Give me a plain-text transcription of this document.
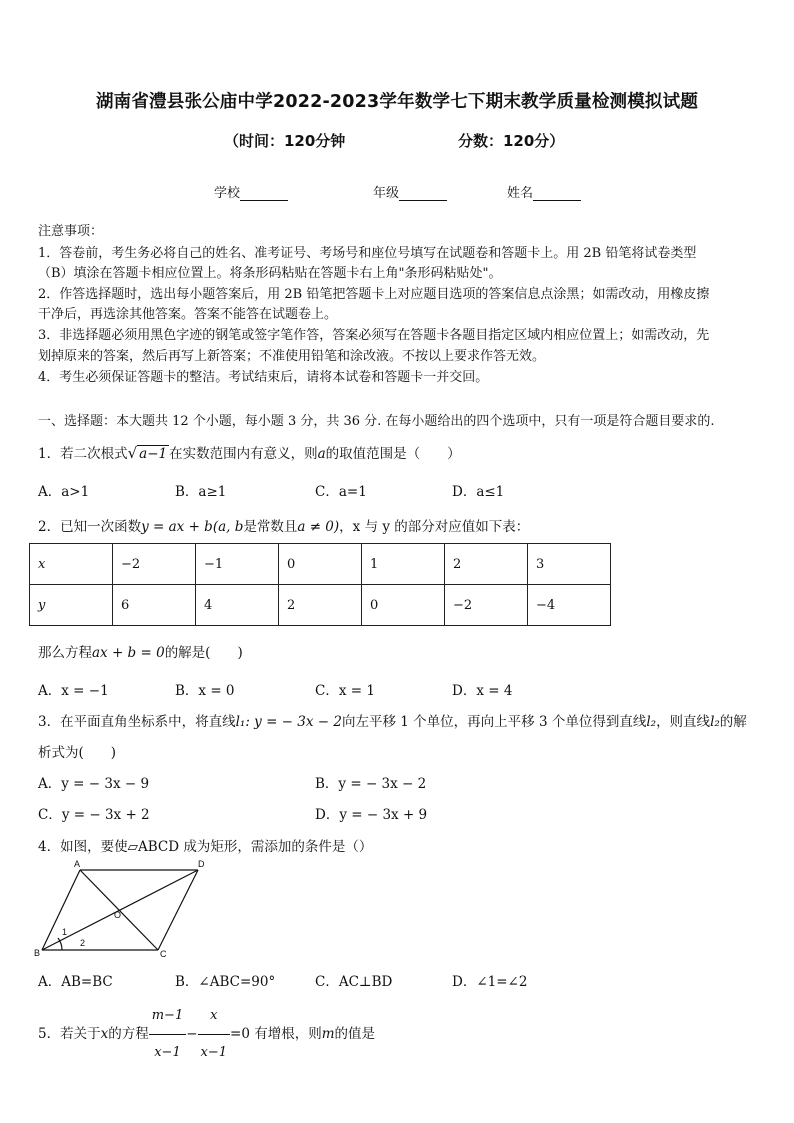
湖南省澧县张公庙中学2022-2023学年数学七下期末教学质量检测模拟试题
（时间：120分钟	分数：120分）
学校	年级	姓名
注意事项：
1．答卷前，考生务必将自己的姓名、准考证号、考场号和座位号填写在试题卷和答题卡上。用 2B 铅笔将试卷类型
（B）填涂在答题卡相应位置上。将条形码粘贴在答题卡右上角"条形码粘贴处"。
2．作答选择题时，选出每小题答案后，用 2B 铅笔把答题卡上对应题目选项的答案信息点涂黑；如需改动，用橡皮擦
干净后，再选涂其他答案。答案不能答在试题卷上。
3．非选择题必须用黑色字迹的钢笔或签字笔作答，答案必须写在答题卡各题目指定区域内相应位置上；如需改动，先
划掉原来的答案，然后再写上新答案；不准使用铅笔和涂改液。不按以上要求作答无效。
4．考生必须保证答题卡的整洁。考试结束后，请将本试卷和答题卡一并交回。
一、选择题：本大题共 12 个小题，每小题 3 分，共 36 分. 在每小题给出的四个选项中，只有一项是符合题目要求的.
1．若二次根式√ a−1 在实数范围内有意义，则a的取值范围是（　　）
A．a>1	B．a≥1	C．a=1	D．a≤1
2．已知一次函数y = ax + b(a, b是常数且a ≠ 0)，x 与 y 的部分对应值如下表：
x	−2	−1	0	1	2	3
y	6	4	2	0	−2	−4
那么方程ax + b = 0的解是(　　)
A．x = −1	B．x = 0	C．x = 1	D．x = 4
3．在平面直角坐标系中，将直线l₁: y = − 3x − 2向左平移 1 个单位，再向上平移 3 个单位得到直线l₂，则直线l₂的解
析式为(　　)
A．y = − 3x − 9	B．y = − 3x − 2
C．y = − 3x + 2	D．y = − 3x + 9
4．如图，要使▱ABCD 成为矩形，需添加的条件是（）
A	D
O
1
2
B	C
A．AB=BC	B．∠ABC=90°	C．AC⊥BD	D．∠1=∠2
5．若关于x的方程 $\frac{m-1}{x-1} - \frac{x}{x-1} =0$ 有增根，则m的值是
